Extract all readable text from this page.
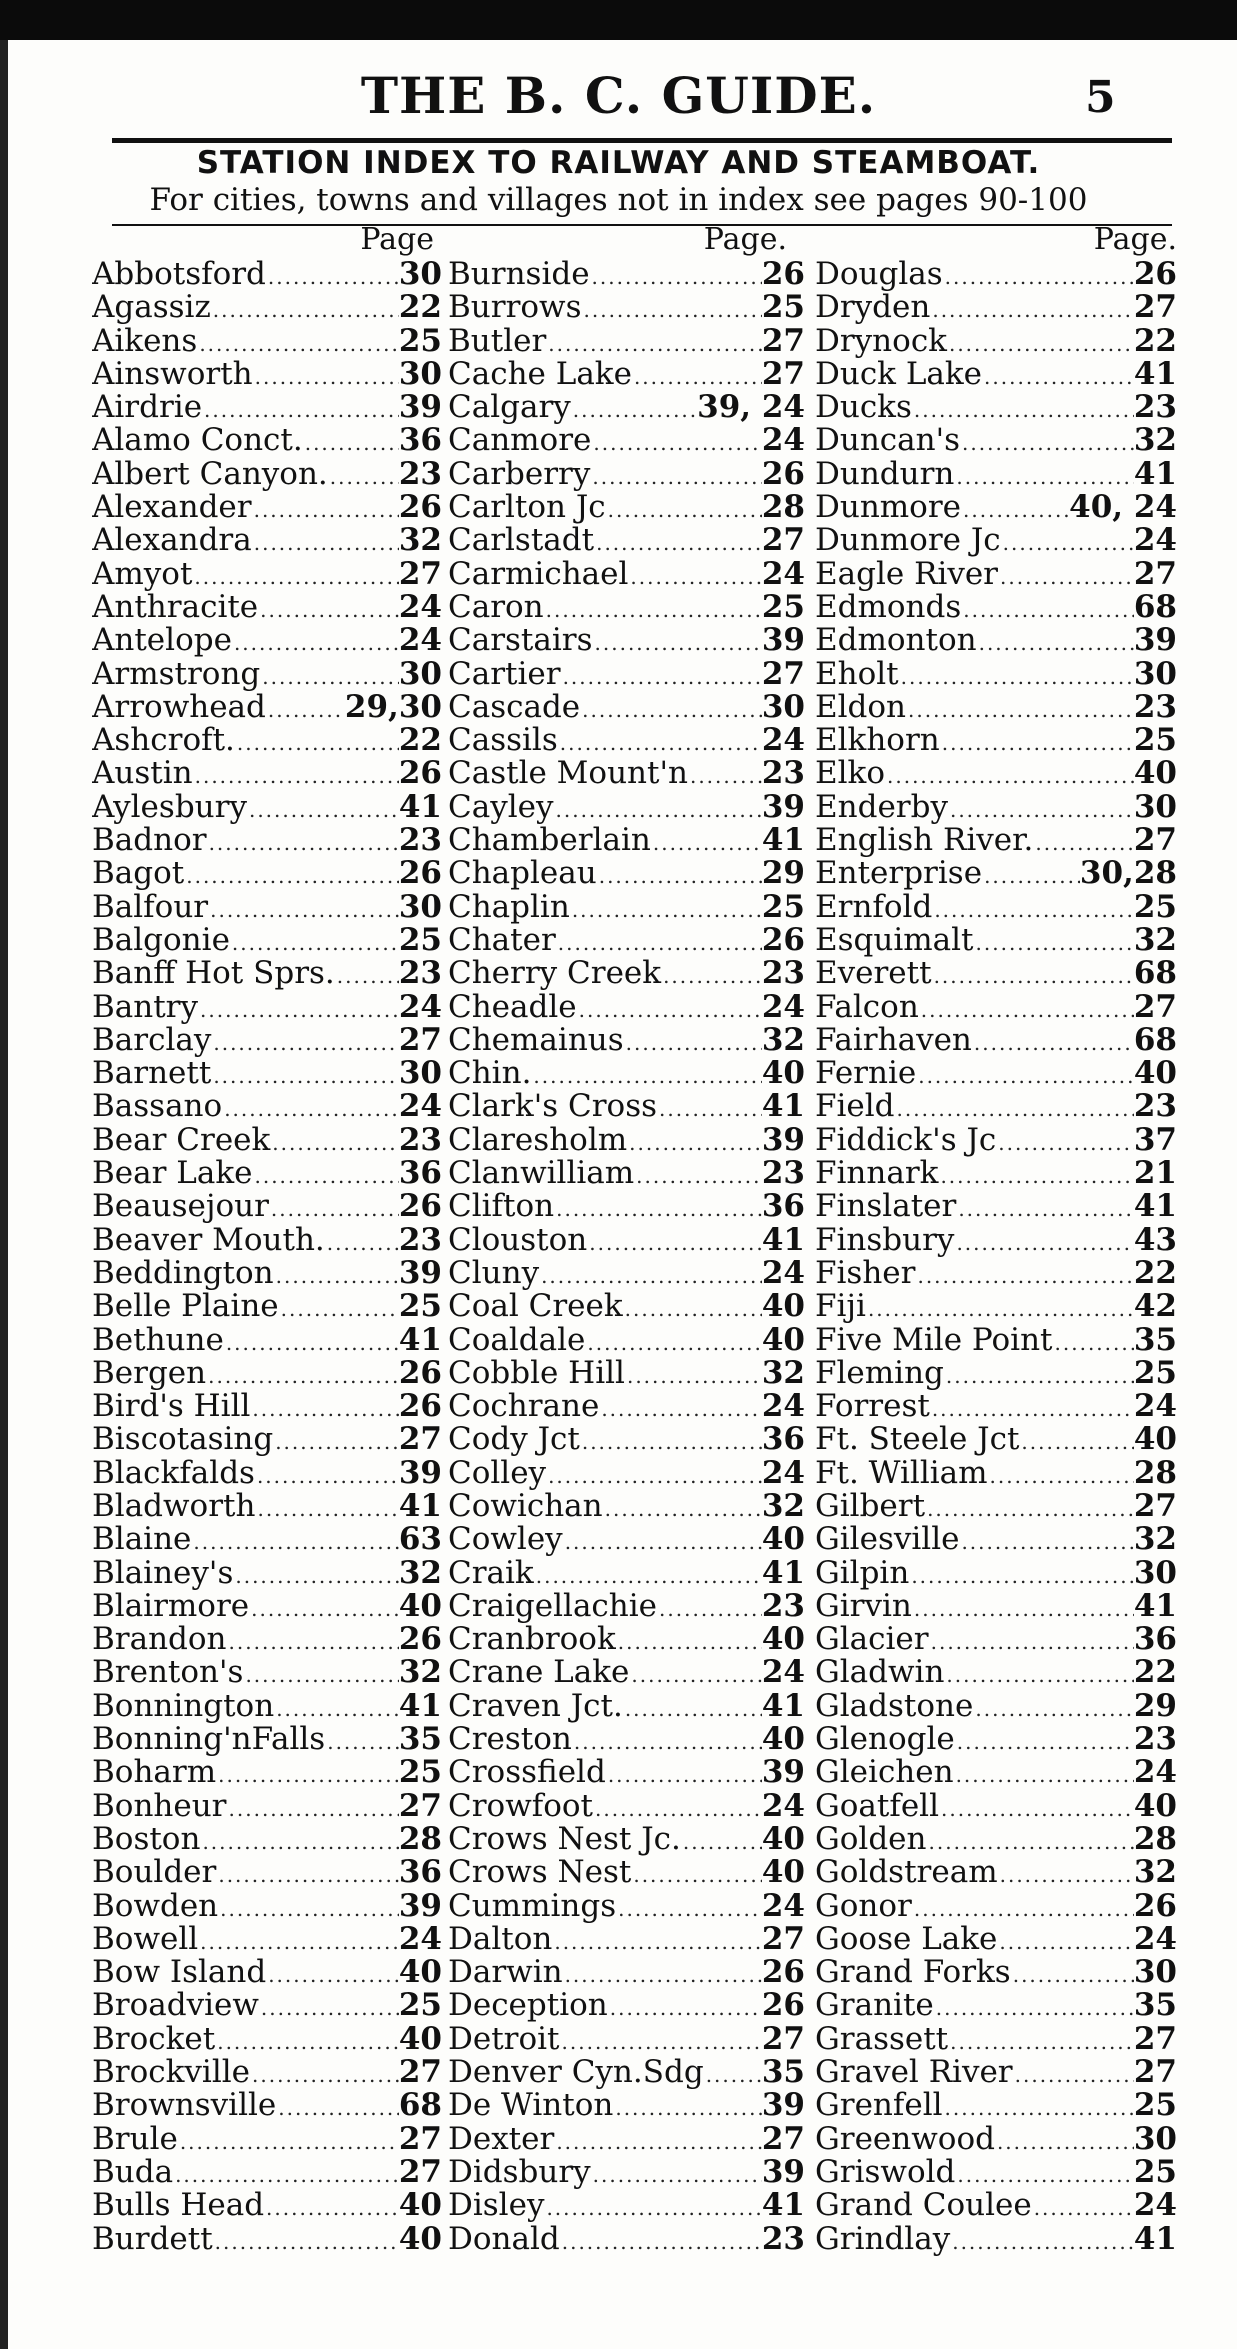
THE B. C. GUIDE.	5
STATION INDEX TO RAILWAY AND STEAMBOAT.
For cities, towns and villages not in index see pages 90-100
Page
Abbotsford .....	30
Agassiz .....	22
Aikens .....	25
Ainsworth .....	30
Airdrie .....	39
Alamo Conct. .....	36
Albert Canyon. ..... 23
Alexander .....	26
Alexandra .....	32
Amyot .....	27
Anthracite .....	24
Antelope .....	24
Armstrong .....	30
Arrowhead .....	29,30
Ashcroft. .....	22
Austin .....	26
Aylesbury .....	41
Badnor .....	23
Bagot .....	26
Balfour .....	30
Balgonie .....	25
Banff Hot Sprs. ..... 23
Bantry .....	24
Barclay .....	27
Barnett .....	30
Bassano .....	24
Bear Creek .....	23
Bear Lake .....	36
Beausejour .....	26
Beaver Mouth. ..... 23
Beddington .....	39
Belle Plaine .....	25
Bethune .....	41
Bergen .....	26
Bird's Hill .....	26
Biscotasing .....	27
Blackfalds .....	39
Bladworth .....	41
Blaine .....	63
Blainey's .....	32
Blairmore .....	40
Brandon .....	26
Brenton's .....	32
Bonnington .....	41
Bonning'nFalls ..... 35
Boharm .....	25
Bonheur .....	27
Boston .....	28
Boulder .....	36
Bowden .....	39
Bowell .....	24
Bow Island .....	40
Broadview .....	25
Brocket .....	40
Brockville .....	27
Brownsville .....	68
Brule .....	27
Buda .....	27
Bulls Head .....	40
Burdett .....	40
Page.
Burnside .....	26
Burrows .....	25
Butler .....	27
Cache Lake .....	27
Calgary .....	39, 24
Canmore .....	24
Carberry .....	26
Carlton Jc .....	28
Carlstadt .....	27
Carmichael .....	24
Caron .....	25
Carstairs .....	39
Cartier .....	27
Cascade .....	30
Cassils .....	24
Castle Mount'n ..... 23
Cayley .....	39
Chamberlain .....	41
Chapleau .....	29
Chaplin .....	25
Chater .....	26
Cherry Creek .....	23
Cheadle .....	24
Chemainus .....	32
Chin. .....	40
Clark's Cross .....	41
Claresholm .....	39
Clanwilliam .....	23
Clifton .....	36
Clouston .....	41
Cluny .....	24
Coal Creek .....	40
Coaldale .....	40
Cobble Hill .....	32
Cochrane .....	24
Cody Jct .....	36
Colley .....	24
Cowichan .....	32
Cowley .....	40
Craik .....	41
Craigellachie .....	23
Cranbrook .....	40
Crane Lake .....	24
Craven Jct. .....	41
Creston .....	40
Crossfield .....	39
Crowfoot .....	24
Crows Nest Jc. .....	40
Crows Nest .....	40
Cummings .....	24
Dalton .....	27
Darwin .....	26
Deception .....	26
Detroit .....	27
Denver Cyn.Sdg ..... 35
De Winton .....	39
Dexter .....	27
Didsbury .....	39
Disley .....	41
Donald .....	23
Page.
Douglas .....	26
Dryden .....	27
Drynock .....	22
Duck Lake .....	41
Ducks .....	23
Duncan's .....	32
Dundurn .....	41
Dunmore .....	40, 24
Dunmore Jc .....	24
Eagle River .....	27
Edmonds .....	68
Edmonton .....	39
Eholt .....	30
Eldon .....	23
Elkhorn .....	25
Elko .....	40
Enderby .....	30
English River. .....	27
Enterprise .....	30,28
Ernfold .....	25
Esquimalt .....	32
Everett .....	68
Falcon .....	27
Fairhaven .....	68
Fernie .....	40
Field .....	23
Fiddick's Jc .....	37
Finnark .....	21
Finslater .....	41
Finsbury .....	43
Fisher .....	22
Fiji .....	42
Five Mile Point .....	35
Fleming .....	25
Forrest .....	24
Ft. Steele Jct .....	40
Ft. William .....	28
Gilbert .....	27
Gilesville .....	32
Gilpin .....	30
Girvin .....	41
Glacier .....	36
Gladwin .....	22
Gladstone .....	29
Glenogle .....	23
Gleichen .....	24
Goatfell .....	40
Golden .....	28
Goldstream .....	32
Gonor .....	26
Goose Lake .....	24
Grand Forks .....	30
Granite .....	35
Grassett .....	27
Gravel River .....	27
Grenfell .....	25
Greenwood .....	30
Griswold .....	25
Grand Coulee .....	24
Grindlay .....	41
